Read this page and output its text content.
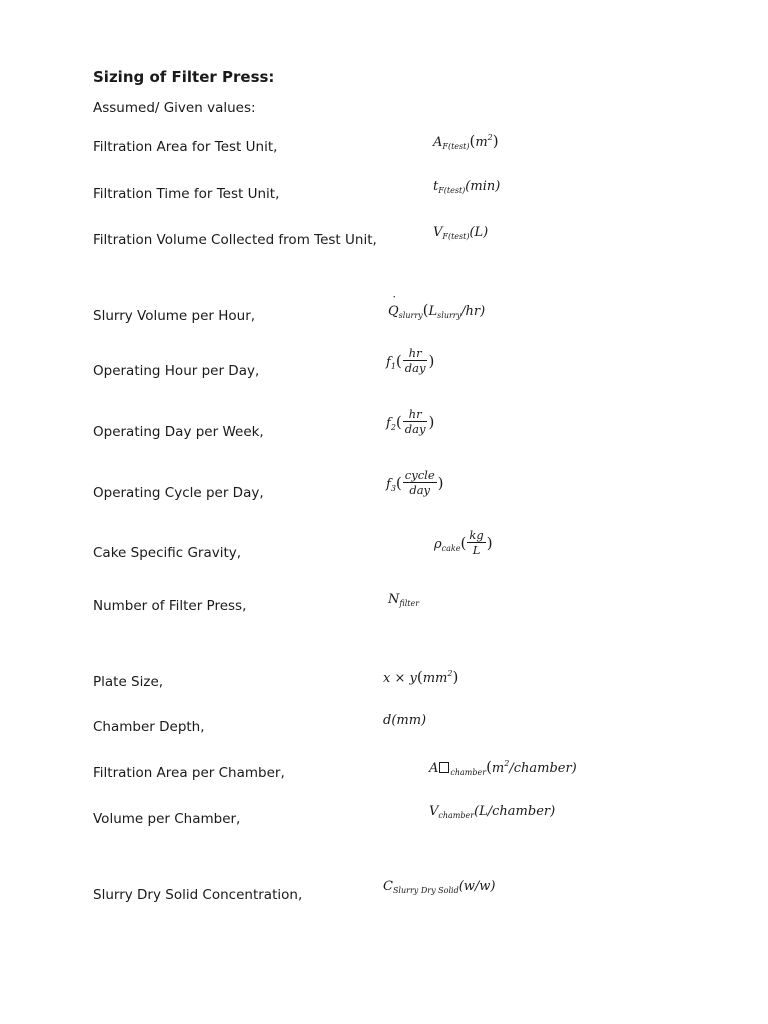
Sizing of Filter Press:
Assumed/ Given values:
Filtration Area for Test Unit,
Filtration Time for Test Unit,
Filtration Volume Collected from Test Unit,
Slurry Volume per Hour,
Operating Hour per Day,
Operating Day per Week,
Operating Cycle per Day,
Cake Specific Gravity,
Number of Filter Press,
Plate Size,
Chamber Depth,
Filtration Area per Chamber,
Volume per Chamber,
Slurry Dry Solid Concentration,
$A_{F(test)}(m^2)$
$t_{F(test)}(\min)$
$V_{F(test)}(L)$
˙ $Q_{slurry}(L_{slurry}/hr)$
$f_1( \frac{hr}{\text{day}}$ )
$f_2( \frac{hr}{\text{day}}$ )
$f_3( \frac{\text{cycle}}{\text{day}}$ )
$\rho_{cake}( \frac{kg}{L}$ )
$N_{filter}$
$x \times y(mm^2)$
d(mm)
A $_{chamber}(m^2/chamber)$
$V_{chamber}(L/chamber)$
$C_{Slurry Dry Solid}(w/w)$
